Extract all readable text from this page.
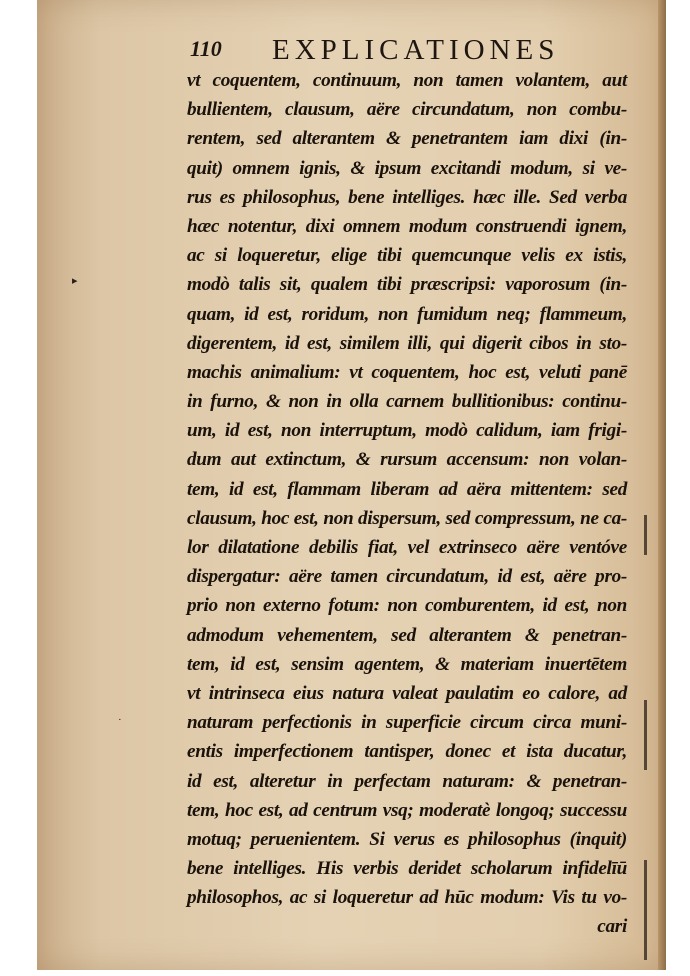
▸
·
110 EXPLICATIONES
vt coquentem, continuum, non tamen volantem, aut
bullientem, clausum, aëre circundatum, non combu-
rentem, sed alterantem & penetrantem iam dixi (in-
quit) omnem ignis, & ipsum excitandi modum, si ve-
rus es philosophus, bene intelliges. hæc ille. Sed verba
hæc notentur, dixi omnem modum construendi ignem,
ac si loqueretur, elige tibi quemcunque velis ex istis,
modò talis sit, qualem tibi præscripsi: vaporosum (in-
quam, id est, roridum, non fumidum neq; flammeum,
digerentem, id est, similem illi, qui digerit cibos in sto-
machis animalium: vt coquentem, hoc est, veluti panē
in furno, & non in olla carnem bullitionibus: continu-
um, id est, non interruptum, modò calidum, iam frigi-
dum aut extinctum, & rursum accensum: non volan-
tem, id est, flammam liberam ad aëra mittentem: sed
clausum, hoc est, non dispersum, sed compressum, ne ca-
lor dilatatione debilis fiat, vel extrinseco aëre ventóve
dispergatur: aëre tamen circundatum, id est, aëre pro-
prio non externo fotum: non comburentem, id est, non
admodum vehementem, sed alterantem & penetran-
tem, id est, sensim agentem, & materiam inuertētem
vt intrinseca eius natura valeat paulatim eo calore, ad
naturam perfectionis in superficie circum circa muni-
entis imperfectionem tantisper, donec et ista ducatur,
id est, alteretur in perfectam naturam: & penetran-
tem, hoc est, ad centrum vsq; moderatè longoq; successu
motuq; peruenientem. Si verus es philosophus (inquit)
bene intelliges. His verbis deridet scholarum infidelīū
philosophos, ac si loqueretur ad hūc modum: Vis tu vo-
cari
